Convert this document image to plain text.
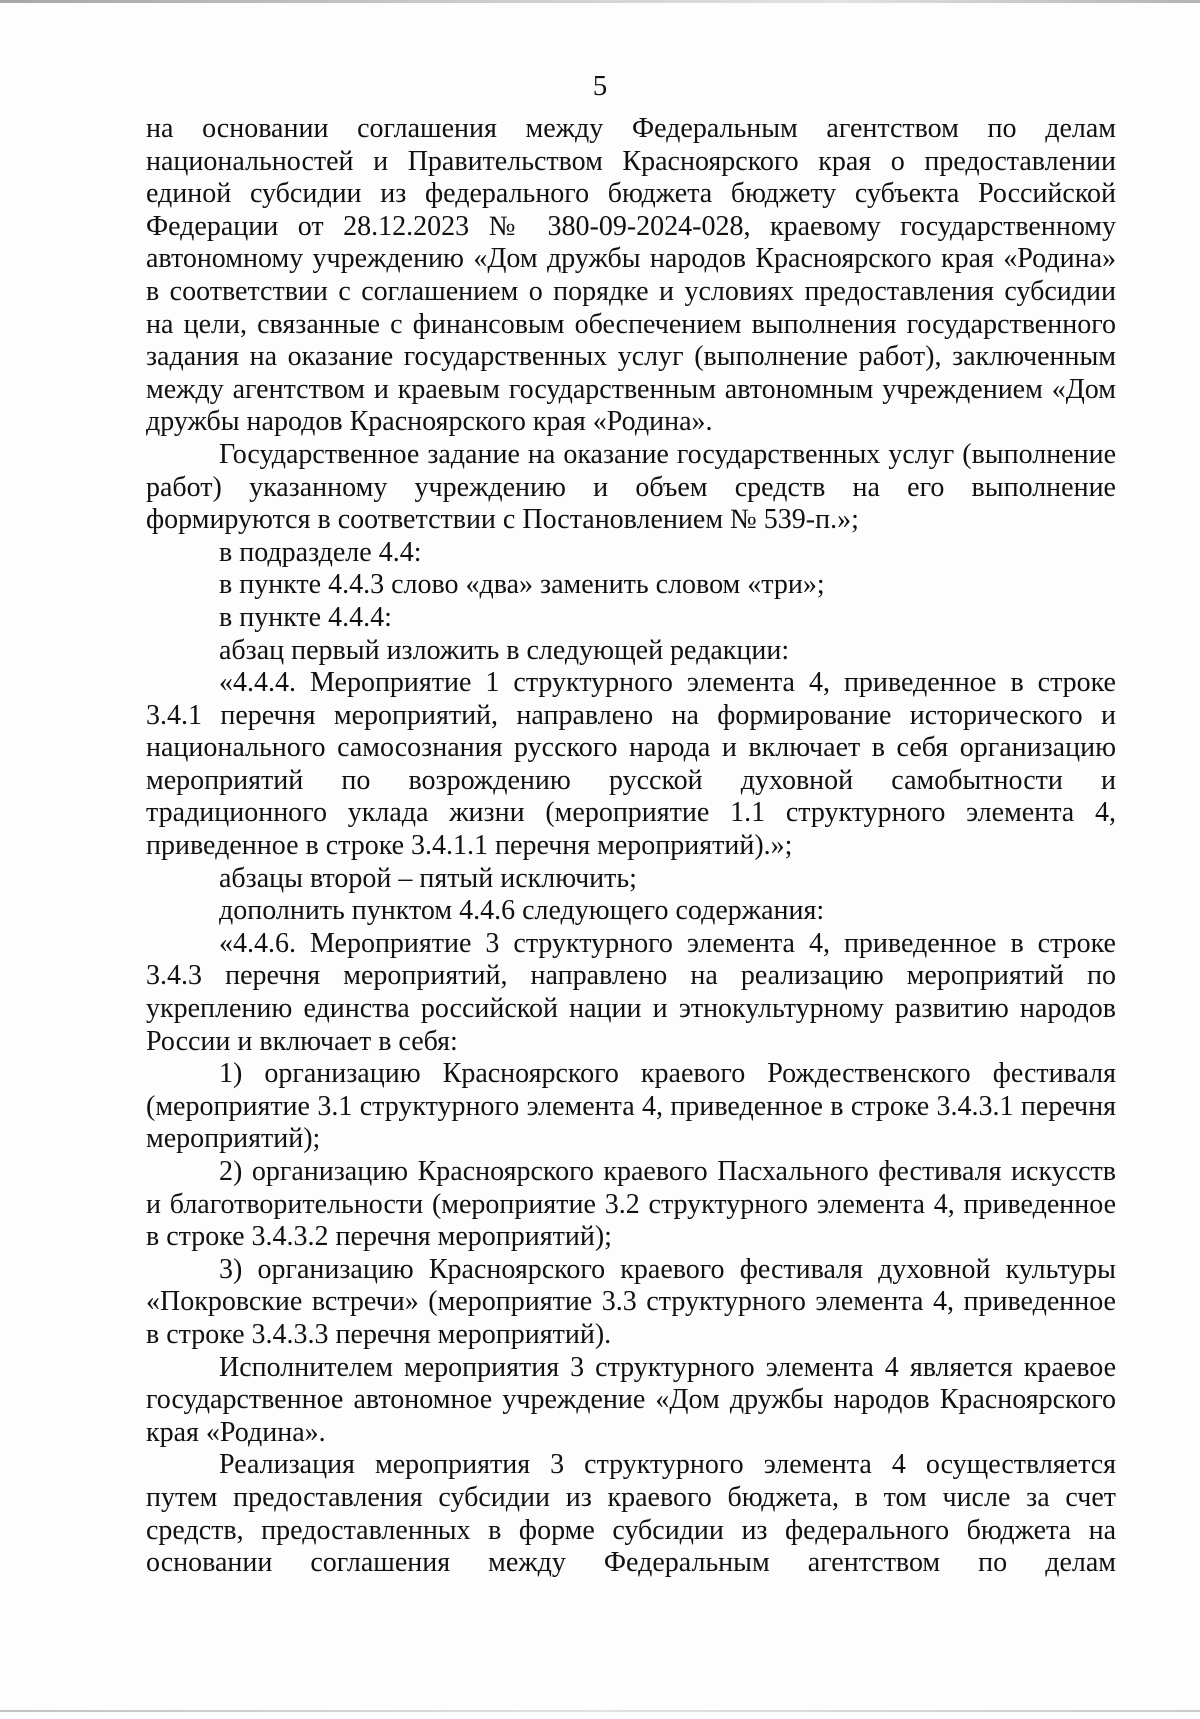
5

на основании соглашения между Федеральным агентством по делам национальностей и Правительством Красноярского края о предоставлении единой субсидии из федерального бюджета бюджету субъекта Российской Федерации от 28.12.2023 № 380-09-2024-028, краевому государственному автономному учреждению «Дом дружбы народов Красноярского края «Родина» в соответствии с соглашением о порядке и условиях предоставления субсидии на цели, связанные с финансовым обеспечением выполнения государственного задания на оказание государственных услуг (выполнение работ), заключенным между агентством и краевым государственным автономным учреждением «Дом дружбы народов Красноярского края «Родина».

Государственное задание на оказание государственных услуг (выполнение работ) указанному учреждению и объем средств на его выполнение формируются в соответствии с Постановлением № 539-п.»;

в подразделе 4.4:

в пункте 4.4.3 слово «два» заменить словом «три»;

в пункте 4.4.4:

абзац первый изложить в следующей редакции:

«4.4.4. Мероприятие 1 структурного элемента 4, приведенное в строке 3.4.1 перечня мероприятий, направлено на формирование исторического и национального самосознания русского народа и включает в себя организацию мероприятий по возрождению русской духовной самобытности и традиционного уклада жизни (мероприятие 1.1 структурного элемента 4, приведенное в строке 3.4.1.1 перечня мероприятий).»;

абзацы второй – пятый исключить;

дополнить пунктом 4.4.6 следующего содержания:

«4.4.6. Мероприятие 3 структурного элемента 4, приведенное в строке 3.4.3 перечня мероприятий, направлено на реализацию мероприятий по укреплению единства российской нации и этнокультурному развитию народов России и включает в себя:

1) организацию Красноярского краевого Рождественского фестиваля (мероприятие 3.1 структурного элемента 4, приведенное в строке 3.4.3.1 перечня мероприятий);

2) организацию Красноярского краевого Пасхального фестиваля искусств и благотворительности (мероприятие 3.2 структурного элемента 4, приведенное в строке 3.4.3.2 перечня мероприятий);

3) организацию Красноярского краевого фестиваля духовной культуры «Покровские встречи» (мероприятие 3.3 структурного элемента 4, приведенное в строке 3.4.3.3 перечня мероприятий).

Исполнителем мероприятия 3 структурного элемента 4 является краевое государственное автономное учреждение «Дом дружбы народов Красноярского края «Родина».

Реализация мероприятия 3 структурного элемента 4 осуществляется путем предоставления субсидии из краевого бюджета, в том числе за счет средств, предоставленных в форме субсидии из федерального бюджета на основании соглашения между Федеральным агентством по делам
